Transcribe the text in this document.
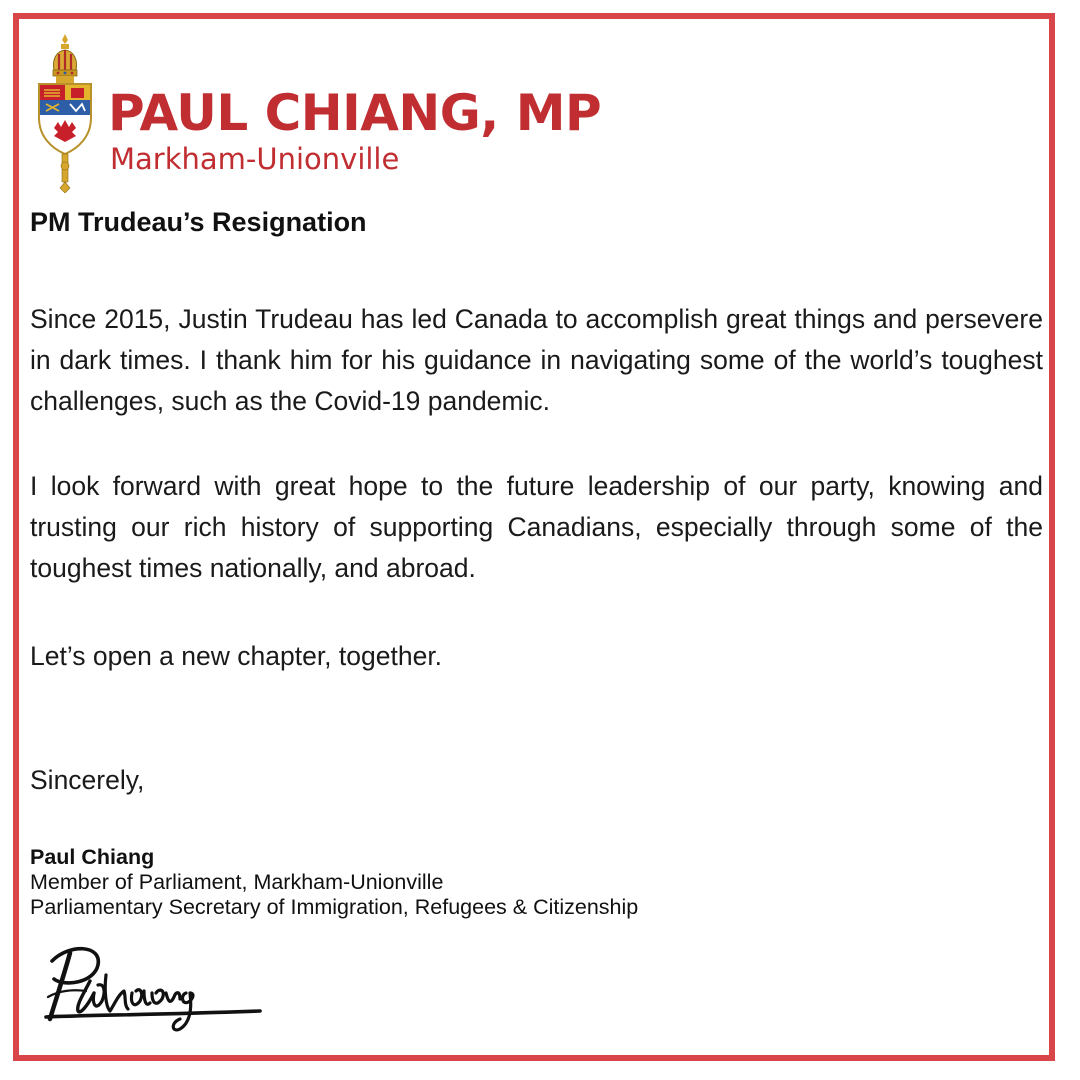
PAUL CHIANG, MP

Markham-Unionville

PM Trudeau’s Resignation

Since 2015, Justin Trudeau has led Canada to accomplish great things and persevere in dark times. I thank him for his guidance in navigating some of the world’s toughest challenges, such as the Covid-19 pandemic.

I look forward with great hope to the future leadership of our party, knowing and trusting our rich history of supporting Canadians, especially through some of the toughest times nationally, and abroad.

Let’s open a new chapter, together.

Sincerely,

Paul Chiang
Member of Parliament, Markham-Unionville
Parliamentary Secretary of Immigration, Refugees & Citizenship
